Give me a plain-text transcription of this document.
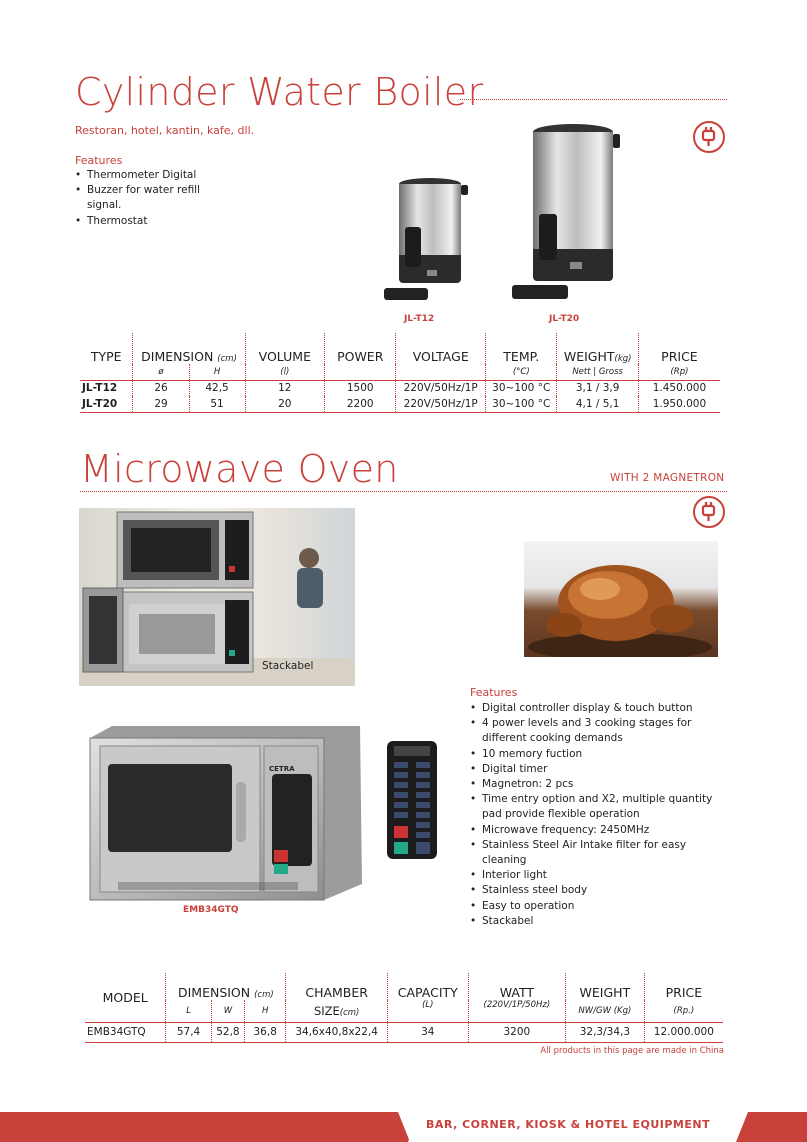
Cylinder Water Boiler
Restoran, hotel, kantin, kafe, dll.
Features
• Thermometer Digital
• Buzzer for water refill signal.
• Thermostat
JL-T12	JL-T20
TYPE	DIMENSION (cm)		VOLUME	POWER	VOLTAGE	TEMP.	WEIGHT(kg)	PRICE
	ø	H	(l)			(°C)	Nett | Gross	(Rp)
JL-T12	26	42,5	12	1500	220V/50Hz/1P	30~100 °C	3,1 / 3,9	1.450.000
JL-T20	29	51	20	2200	220V/50Hz/1P	30~100 °C	4,1 / 5,1	1.950.000
Microwave Oven	WITH 2 MAGNETRON
Stackabel
CETRA
EMB34GTQ
Features
• Digital controller display & touch button
• 4 power levels and 3 cooking stages for different cooking demands
• 10 memory fuction
• Digital timer
• Magnetron: 2 pcs
• Time entry option and X2, multiple quantity pad provide flexible operation
• Microwave frequency: 2450MHz
• Stainless Steel Air Intake filter for easy cleaning
• Interior light
• Stainless steel body
• Easy to operation
• Stackabel
MODEL	DIMENSION (cm)			CHAMBER	CAPACITY	WATT	WEIGHT	PRICE
	L	W	H	SIZE(cm)	(L)	(220V/1P/50Hz)	NW/GW (Kg)	(Rp.)
EMB34GTQ	57,4	52,8	36,8	34,6x40,8x22,4	34	3200	32,3/34,3	12.000.000
All products in this page are made in China
BAR, CORNER, KIOSK & HOTEL EQUIPMENT
